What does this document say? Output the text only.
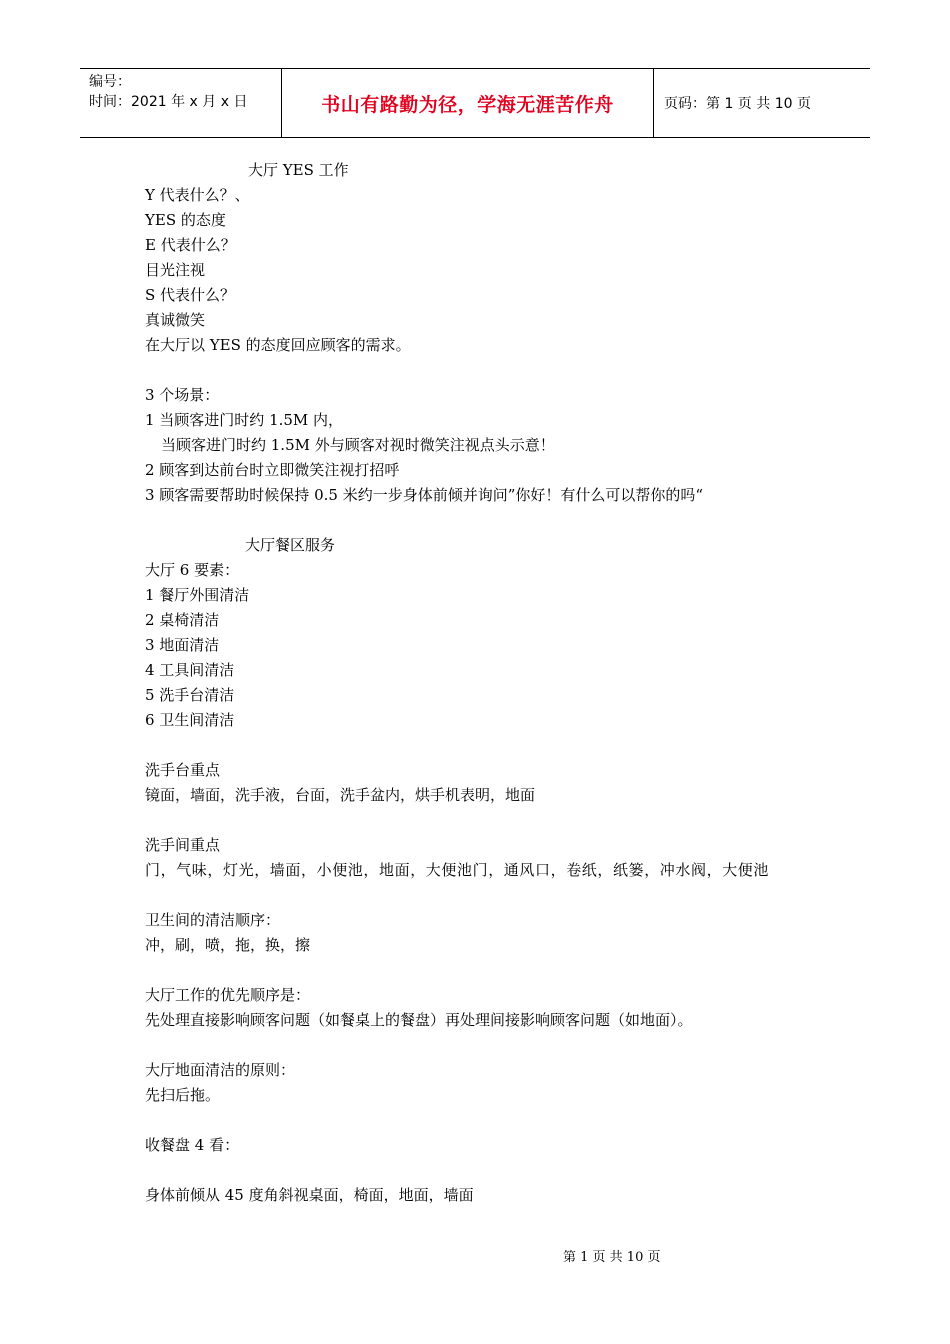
编号：
时间：2021 年 x 月 x 日	书山有路勤为径，学海无涯苦作舟	页码：第 1 页 共 10 页
大厅 YES 工作
Y 代表什么？、
YES 的态度
E 代表什么？
目光注视
S 代表什么？
真诚微笑
在大厅以 YES 的态度回应顾客的需求。
3 个场景：
1 当顾客进门时约 1.5M 内，
当顾客进门时约 1.5M 外与顾客对视时微笑注视点头示意！
2 顾客到达前台时立即微笑注视打招呼
3 顾客需要帮助时候保持 0.5 米约一步身体前倾并询问”你好！有什么可以帮你的吗“
大厅餐区服务
大厅 6 要素：
1 餐厅外围清洁
2 桌椅清洁
3 地面清洁
4 工具间清洁
5 洗手台清洁
6 卫生间清洁
洗手台重点
镜面，墙面，洗手液，台面，洗手盆内，烘手机表明，地面
洗手间重点
门，气味，灯光，墙面，小便池，地面，大便池门，通风口，卷纸，纸篓，冲水阀，大便池
卫生间的清洁顺序：
冲，刷，喷，拖，换，擦
大厅工作的优先顺序是：
先处理直接影响顾客问题（如餐桌上的餐盘）再处理间接影响顾客问题（如地面）。
大厅地面清洁的原则：
先扫后拖。
收餐盘 4 看：
身体前倾从 45 度角斜视桌面，椅面，地面，墙面
第 1 页 共 10 页
